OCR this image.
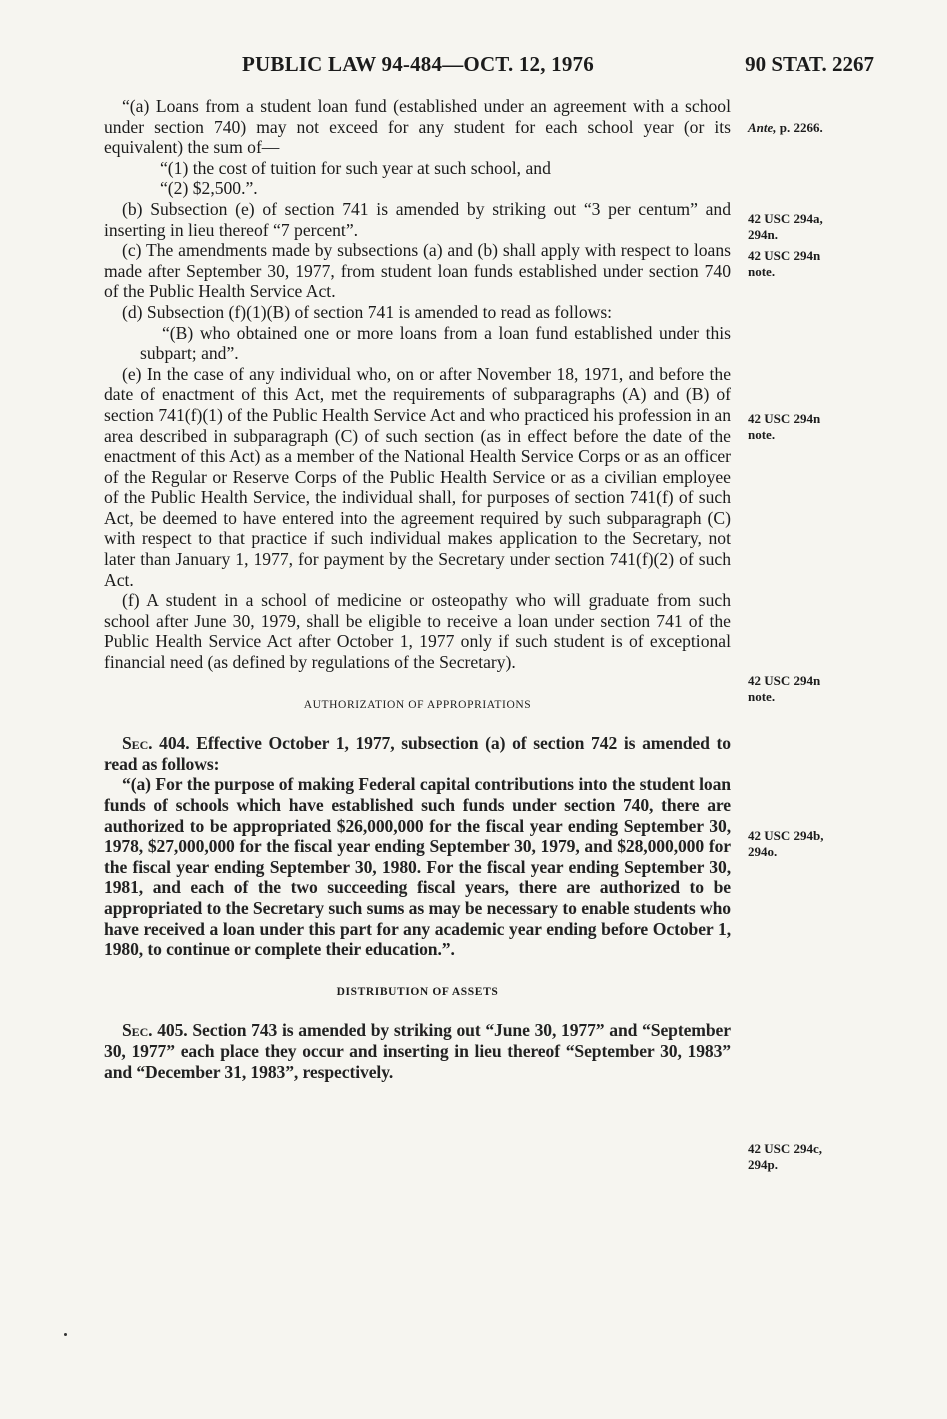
PUBLIC LAW 94-484—OCT. 12, 1976	90 STAT. 2267

“(a) Loans from a student loan fund (established under an agreement with a school under section 740) may not exceed for any student for each school year (or its equivalent) the sum of—

“(1) the cost of tuition for such year at such school, and

“(2) $2,500.”.

(b) Subsection (e) of section 741 is amended by striking out “3 per centum” and inserting in lieu thereof “7 percent”.

(c) The amendments made by subsections (a) and (b) shall apply with respect to loans made after September 30, 1977, from student loan funds established under section 740 of the Public Health Service Act.

(d) Subsection (f)(1)(B) of section 741 is amended to read as follows:

“(B) who obtained one or more loans from a loan fund established under this subpart; and”.

(e) In the case of any individual who, on or after November 18, 1971, and before the date of enactment of this Act, met the requirements of subparagraphs (A) and (B) of section 741(f)(1) of the Public Health Service Act and who practiced his profession in an area described in subparagraph (C) of such section (as in effect before the date of the enactment of this Act) as a member of the National Health Service Corps or as an officer of the Regular or Reserve Corps of the Public Health Service or as a civilian employee of the Public Health Service, the individual shall, for purposes of section 741(f) of such Act, be deemed to have entered into the agreement required by such subparagraph (C) with respect to that practice if such individual makes application to the Secretary, not later than January 1, 1977, for payment by the Secretary under section 741(f)(2) of such Act.

(f) A student in a school of medicine or osteopathy who will graduate from such school after June 30, 1979, shall be eligible to receive a loan under section 741 of the Public Health Service Act after October 1, 1977 only if such student is of exceptional financial need (as defined by regulations of the Secretary).

AUTHORIZATION OF APPROPRIATIONS

Sec. 404. Effective October 1, 1977, subsection (a) of section 742 is amended to read as follows:

“(a) For the purpose of making Federal capital contributions into the student loan funds of schools which have established such funds under section 740, there are authorized to be appropriated $26,000,000 for the fiscal year ending September 30, 1978, $27,000,000 for the fiscal year ending September 30, 1979, and $28,000,000 for the fiscal year ending September 30, 1980. For the fiscal year ending September 30, 1981, and each of the two succeeding fiscal years, there are authorized to be appropriated to the Secretary such sums as may be necessary to enable students who have received a loan under this part for any academic year ending before October 1, 1980, to continue or complete their education.”.

DISTRIBUTION OF ASSETS

Sec. 405. Section 743 is amended by striking out “June 30, 1977” and “September 30, 1977” each place they occur and inserting in lieu thereof “September 30, 1983” and “December 31, 1983”, respectively.

Ante, p. 2266.
42 USC 294a,
294n.
42 USC 294n
note.
42 USC 294n
note.
42 USC 294n
note.
42 USC 294b,
294o.
42 USC 294c,
294p.
